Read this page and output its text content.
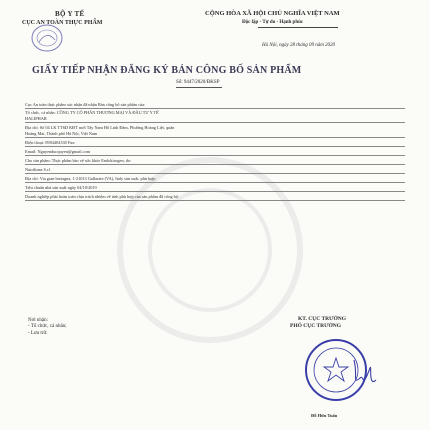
BỘ Y TẾ
CỤC AN TOÀN THỰC PHẨM
CỘNG HÒA XÃ HỘI CHỦ NGHĨA VIỆT NAM
Độc lập - Tự do - Hạnh phúc
Hà Nội, ngày 28 tháng 09 năm 2020
GIẤY TIẾP NHẬN ĐĂNG KÝ BẢN CÔNG BỐ SẢN PHẨM
Số: 9447/2020/ĐKSP
Cục An toàn thực phẩm xác nhận đã nhận Bản công bố sản phẩm của:
Tổ chức, cá nhân: CÔNG TY CỔ PHẦN THƯƠNG MẠI VÀ ĐẦU TƯ Y TẾ
HALIPHAR
Địa chỉ: Số 04 LK TT6D KĐT mới Tây Nam Hồ Linh Đàm, Phường Hoàng Liệt, quận
Hoàng Mai, Thành phố Hà Nội, Việt Nam
Điện thoại: 0984404330 Fax:
Email: Nguyenducquyen@gmail.com
Cho sản phẩm: Thực phẩm bảo vệ sức khỏe Endokirogen; do:
Nutrilinea S.r.l
Địa chỉ: Via gran bretagna, 1-21013 Gallarate (VA), Italy sản xuất, phù hợp:
Tiêu chuẩn nhà sản xuất ngày 04/10/2019
Doanh nghiệp phải hoàn toàn chịu trách nhiệm về tính phù hợp của sản phẩm đã công bố.
Nơi nhận:
- Tổ chức, cá nhân;
- Lưu trữ.
KT. CỤC TRƯỞNG
PHÓ CỤC TRƯỞNG
Đỗ Hữu Tuấn
